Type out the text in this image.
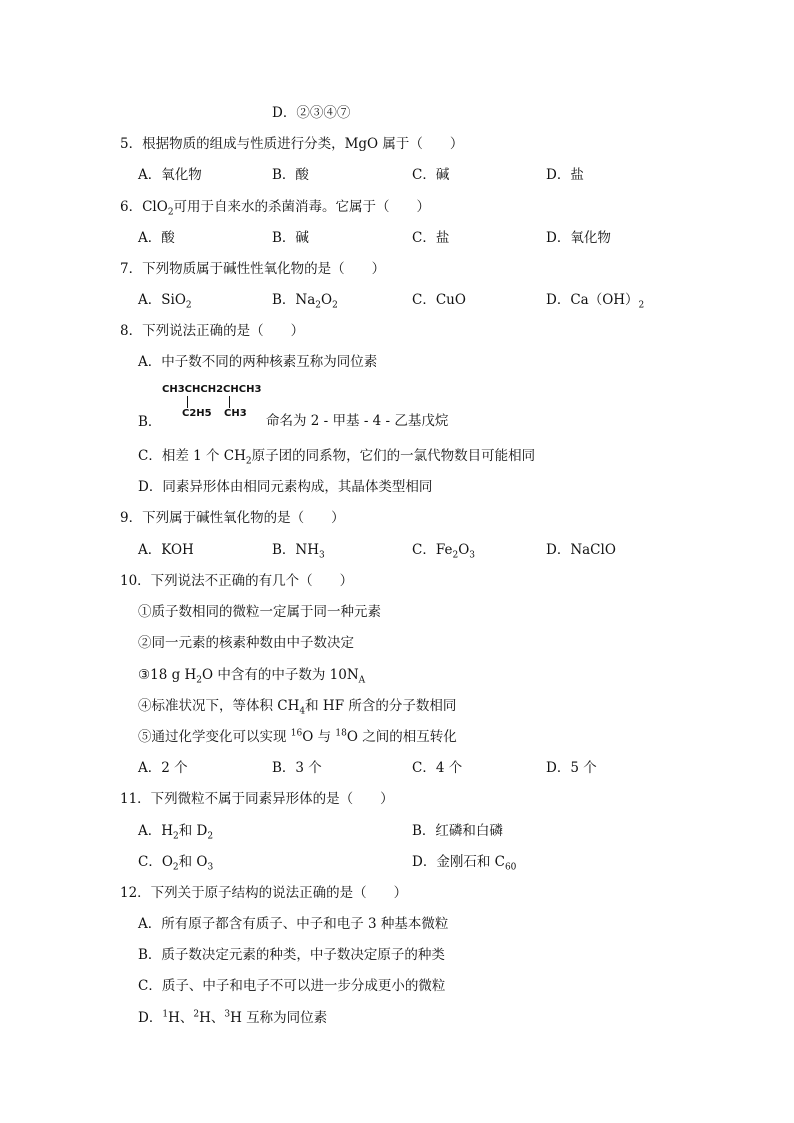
D．②③④⑦
5．根据物质的组成与性质进行分类，MgO 属于（　　）
A．氧化物	B．酸	C．碱	D．盐
6．ClO$_2$可用于自来水的杀菌消毒。它属于（　　）
A．酸	B．碱	C．盐	D．氧化物
7．下列物质属于碱性性氧化物的是（　　）
A．SiO$_2$	B．$Na_2O_2$	C．CuO	D．$Ca(OH)_2$
8．下列说法正确的是（　　）
A．中子数不同的两种核素互称为同位素
B．
CH3CHCH2CHCH3
C2H5 CH3 命名为 2 - 甲基 - 4 - 乙基戊烷
C．相差 1 个 $CH_2$原子团的同系物，它们的一氯代物数目可能相同
D．同素异形体由相同元素构成，其晶体类型相同
9．下列属于碱性氧化物的是（　　）
A．KOH	B．$NH_3$	C．$Fe_2O_3$	D．NaClO
10．下列说法不正确的有几个（　　）
①质子数相同的微粒一定属于同一种元素
②同一元素的核素种数由中子数决定
③18 g $H_2O$ 中含有的中子数为 $10N_A$
④标准状况下，等体积 $CH_4$和 HF 所含的分子数相同
⑤通过化学变化可以实现 $^{16}$O 与 $^{18}$O 之间的相互转化
A．2 个	B．3 个	C．4 个	D．5 个
11．下列微粒不属于同素异形体的是（　　）
A．$H_2$和 $D_2$	B．红磷和白磷
C．$O_2$和 $O_3$	D．金刚石和 $C_{60}$
12．下列关于原子结构的说法正确的是（　　）
A．所有原子都含有质子、中子和电子 3 种基本微粒
B．质子数决定元素的种类，中子数决定原子的种类
C．质子、中子和电子不可以进一步分成更小的微粒
D．$^1$H、$^2$H、$^3$H 互称为同位素
